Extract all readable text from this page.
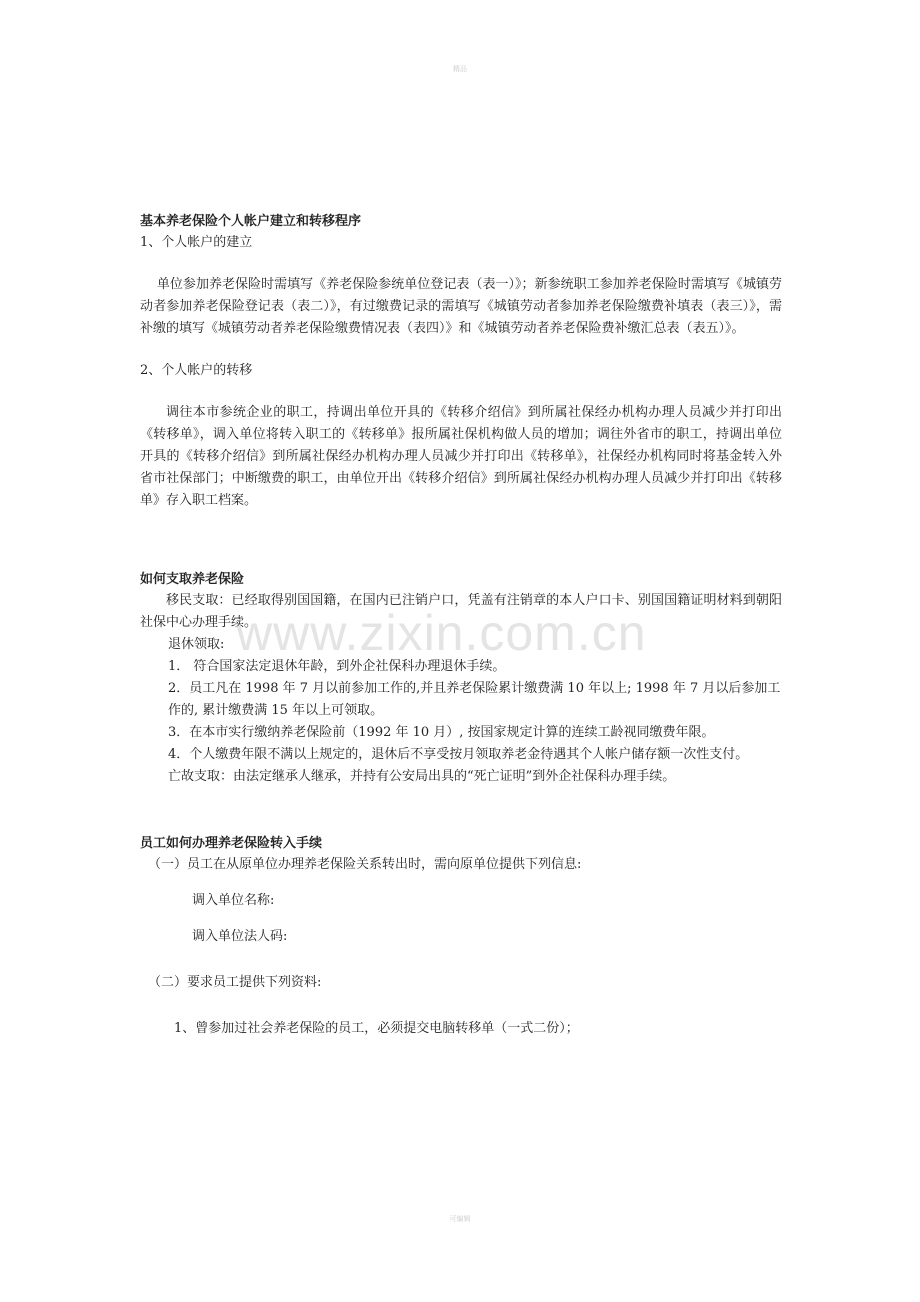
精品
www.zixin.com.cn

基本养老保险个人帐户建立和转移程序

1、个人帐户的建立

单位参加养老保险时需填写《养老保险参统单位登记表（表一）》；新参统职工参加养老保险时需填写《城镇劳动者参加养老保险登记表（表二）》，有过缴费记录的需填写《城镇劳动者参加养老保险缴费补填表（表三）》，需补缴的填写《城镇劳动者养老保险缴费情况表（表四）》和《城镇劳动者养老保险费补缴汇总表（表五）》。

2、个人帐户的转移

调往本市参统企业的职工，持调出单位开具的《转移介绍信》到所属社保经办机构办理人员减少并打印出《转移单》，调入单位将转入职工的《转移单》报所属社保机构做人员的增加；调往外省市的职工，持调出单位开具的《转移介绍信》到所属社保经办机构办理人员减少并打印出《转移单》，社保经办机构同时将基金转入外省市社保部门；中断缴费的职工，由单位开出《转移介绍信》到所属社保经办机构办理人员减少并打印出《转移单》存入职工档案。

如何支取养老保险

移民支取：已经取得别国国籍，在国内已注销户口，凭盖有注销章的本人户口卡、别国国籍证明材料到朝阳社保中心办理手续。

退休领取:

1． 符合国家法定退休年龄，到外企社保科办理退休手续。

2．员工凡在 1998 年 7 月以前参加工作的,并且养老保险累计缴费满 10 年以上; 1998 年 7 月以后参加工作的, 累计缴费满 15 年以上可领取。

3．在本市实行缴纳养老保险前（1992 年 10 月）, 按国家规定计算的连续工龄视同缴费年限。

4．个人缴费年限不满以上规定的，退休后不享受按月领取养老金待遇其个人帐户储存额一次性支付。

亡故支取：由法定继承人继承，并持有公安局出具的“死亡证明”到外企社保科办理手续。

员工如何办理养老保险转入手续

（一）员工在从原单位办理养老保险关系转出时，需向原单位提供下列信息:

调入单位名称:

调入单位法人码:

（二）要求员工提供下列资料:

1、曾参加过社会养老保险的员工，必须提交电脑转移单（一式二份）；

可编辑
